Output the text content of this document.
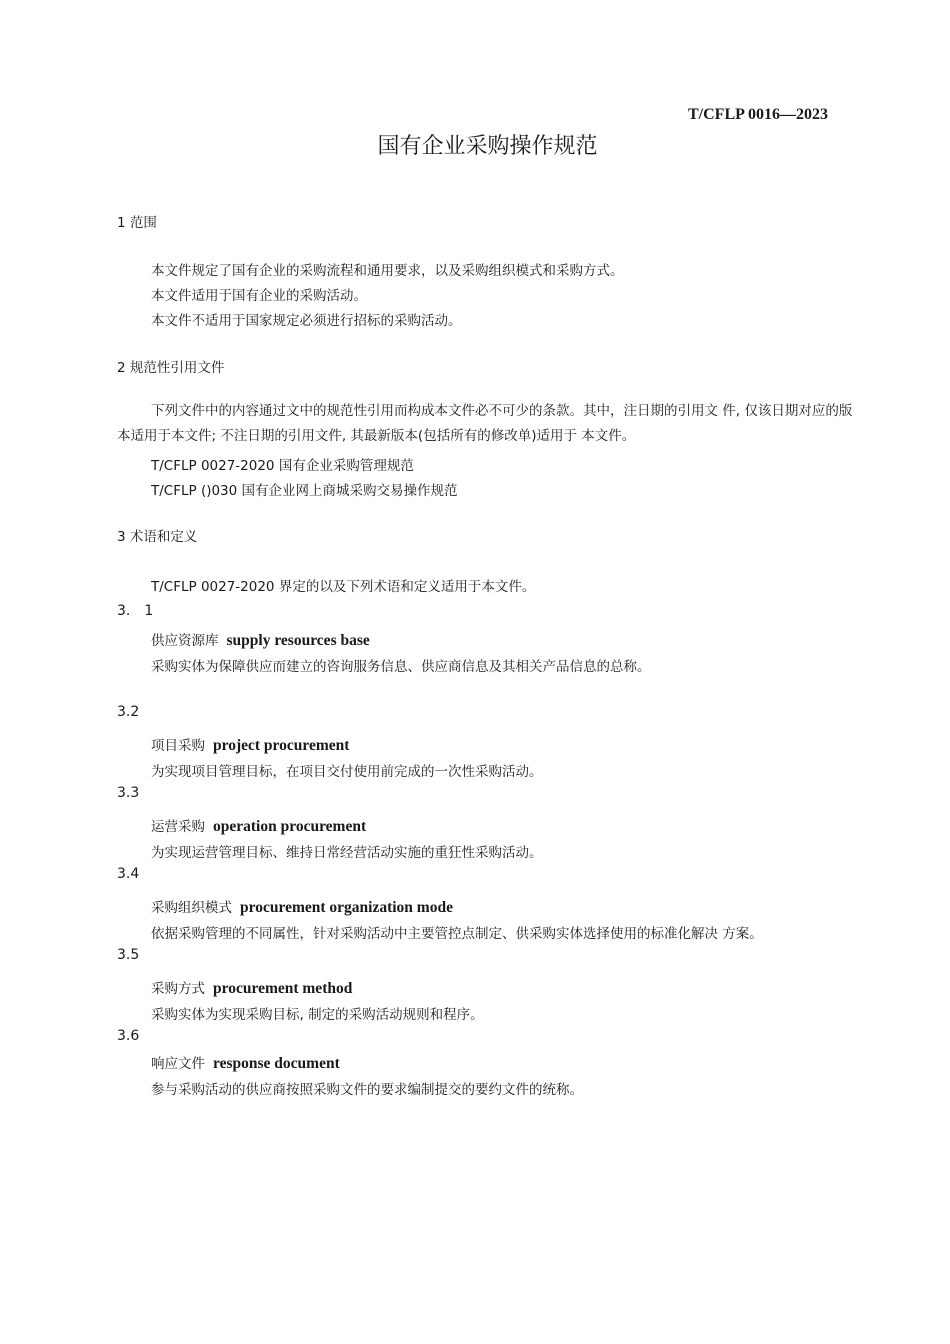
T/CFLP 0016—2023
国有企业采购操作规范
1 范围
本文件规定了国有企业的采购流程和通用要求，以及采购组织模式和采购方式。
本文件适用于国有企业的采购活动。
本文件不适用于国家规定必须进行招标的采购活动。
2 规范性引用文件
下列文件中的内容通过文中的规范性引用而构成本文件必不可少的条款。其中，注日期的引用文 件, 仅该日期对应的版本适用于本文件; 不注日期的引用文件, 其最新版本(包括所有的修改单)适用于 本文件。
T/CFLP 0027-2020 国有企业采购管理规范
T/CFLP ()030 国有企业网上商城采购交易操作规范
3 术语和定义
T/CFLP 0027-2020 界定的以及下列术语和定义适用于本文件。
3.　1
供应资源库 supply resources base
采购实体为保障供应而建立的咨询服务信息、供应商信息及其相关产品信息的总称。
3.2
项目采购 project procurement
为实现项目管理目标，在项目交付使用前完成的一次性采购活动。
3.3
运营采购 operation procurement
为实现运营管理目标、维持日常经营活动实施的重狂性采购活动。
3.4
采购组织模式 procurement organization mode
依据采购管理的不同属性，针对采购活动中主要管控点制定、供采购实体选择使用的标准化解决 方案。
3.5
采购方式 procurement method
采购实体为实现采购目标, 制定的采购活动规则和程序。
3.6
响应文件 response document
参与采购活动的供应商按照采购文件的要求编制提交的要约文件的统称。
